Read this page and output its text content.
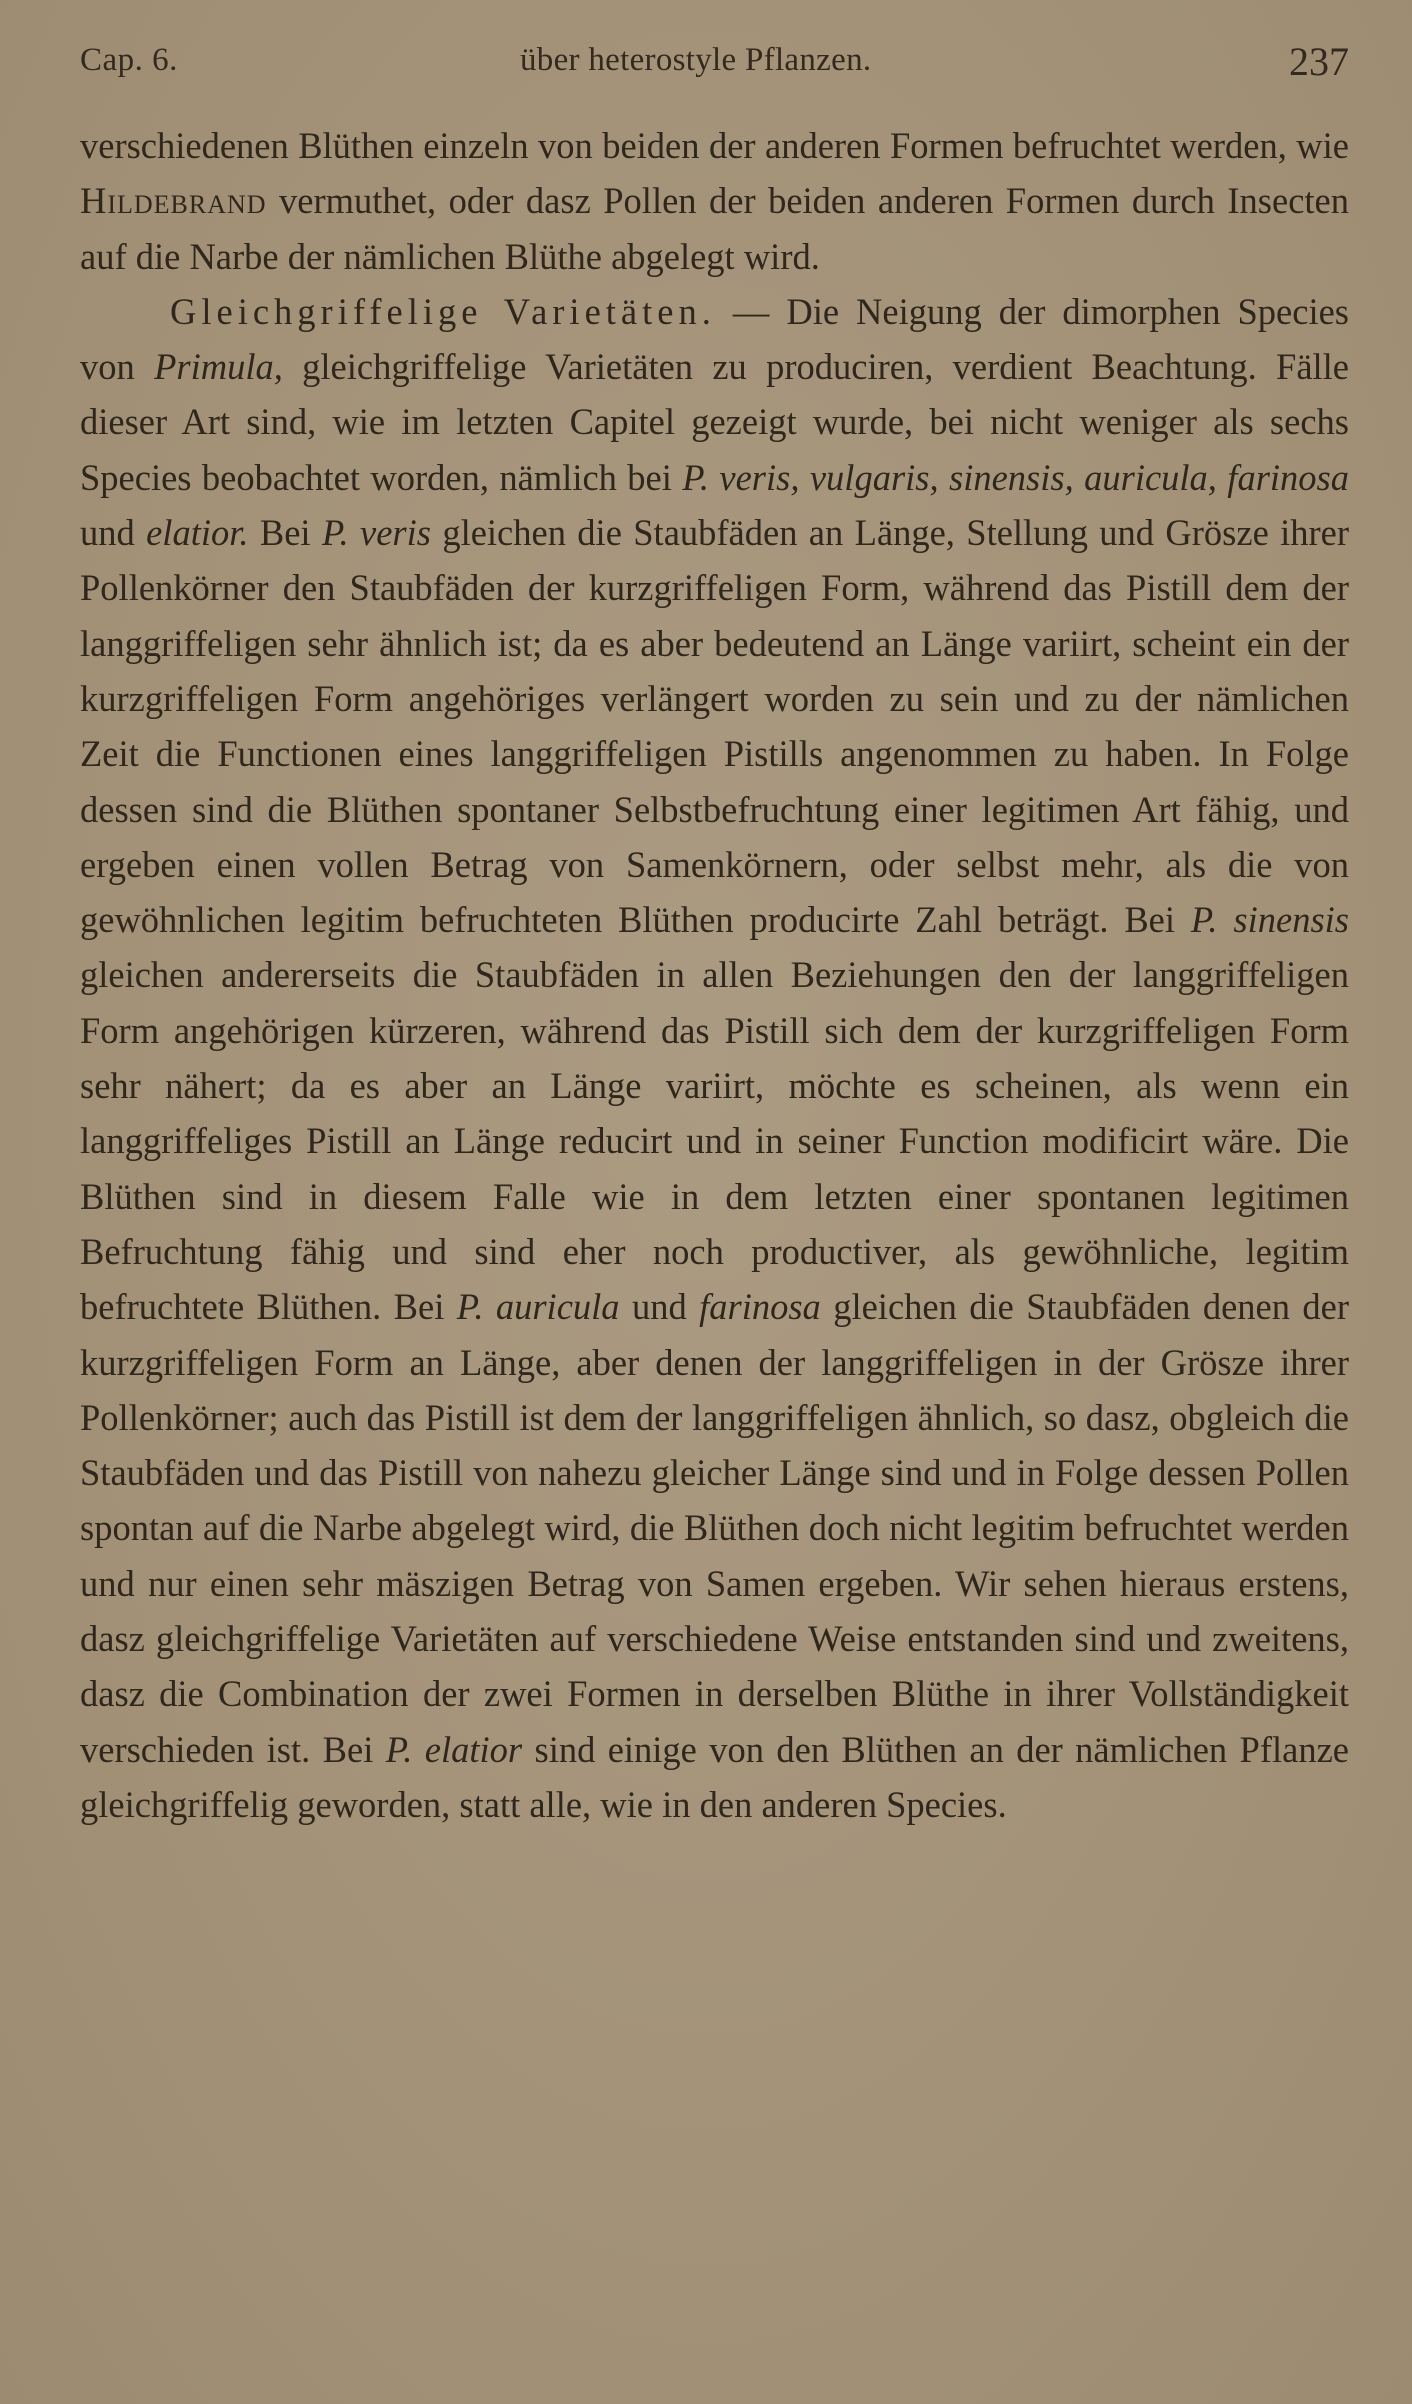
Cap. 6.	über heterostyle Pflanzen.	237

verschiedenen Blüthen einzeln von beiden der anderen Formen befruchtet werden, wie Hildebrand vermuthet, oder dasz Pollen der beiden anderen Formen durch Insecten auf die Narbe der nämlichen Blüthe abgelegt wird.

Gleichgriffelige Varietäten. — Die Neigung der dimorphen Species von Primula, gleichgriffelige Varietäten zu produciren, verdient Beachtung. Fälle dieser Art sind, wie im letzten Capitel gezeigt wurde, bei nicht weniger als sechs Species beobachtet worden, nämlich bei P. veris, vulgaris, sinensis, auricula, farinosa und elatior. Bei P. veris gleichen die Staubfäden an Länge, Stellung und Grösze ihrer Pollenkörner den Staubfäden der kurzgriffeligen Form, während das Pistill dem der langgriffeligen sehr ähnlich ist; da es aber bedeutend an Länge variirt, scheint ein der kurzgriffeligen Form angehöriges verlängert worden zu sein und zu der nämlichen Zeit die Functionen eines langgriffeligen Pistills angenommen zu haben. In Folge dessen sind die Blüthen spontaner Selbstbefruchtung einer legitimen Art fähig, und ergeben einen vollen Betrag von Samenkörnern, oder selbst mehr, als die von gewöhnlichen legitim befruchteten Blüthen producirte Zahl beträgt. Bei P. sinensis gleichen andererseits die Staubfäden in allen Beziehungen den der langgriffeligen Form angehörigen kürzeren, während das Pistill sich dem der kurzgriffeligen Form sehr nähert; da es aber an Länge variirt, möchte es scheinen, als wenn ein langgriffeliges Pistill an Länge reducirt und in seiner Function modificirt wäre. Die Blüthen sind in diesem Falle wie in dem letzten einer spontanen legitimen Befruchtung fähig und sind eher noch productiver, als gewöhnliche, legitim befruchtete Blüthen. Bei P. auricula und farinosa gleichen die Staubfäden denen der kurzgriffeligen Form an Länge, aber denen der langgriffeligen in der Grösze ihrer Pollenkörner; auch das Pistill ist dem der langgriffeligen ähnlich, so dasz, obgleich die Staubfäden und das Pistill von nahezu gleicher Länge sind und in Folge dessen Pollen spontan auf die Narbe abgelegt wird, die Blüthen doch nicht legitim befruchtet werden und nur einen sehr mäszigen Betrag von Samen ergeben. Wir sehen hieraus erstens, dasz gleichgriffelige Varietäten auf verschiedene Weise entstanden sind und zweitens, dasz die Combination der zwei Formen in derselben Blüthe in ihrer Vollständigkeit verschieden ist. Bei P. elatior sind einige von den Blüthen an der nämlichen Pflanze gleichgriffelig geworden, statt alle, wie in den anderen Species.
